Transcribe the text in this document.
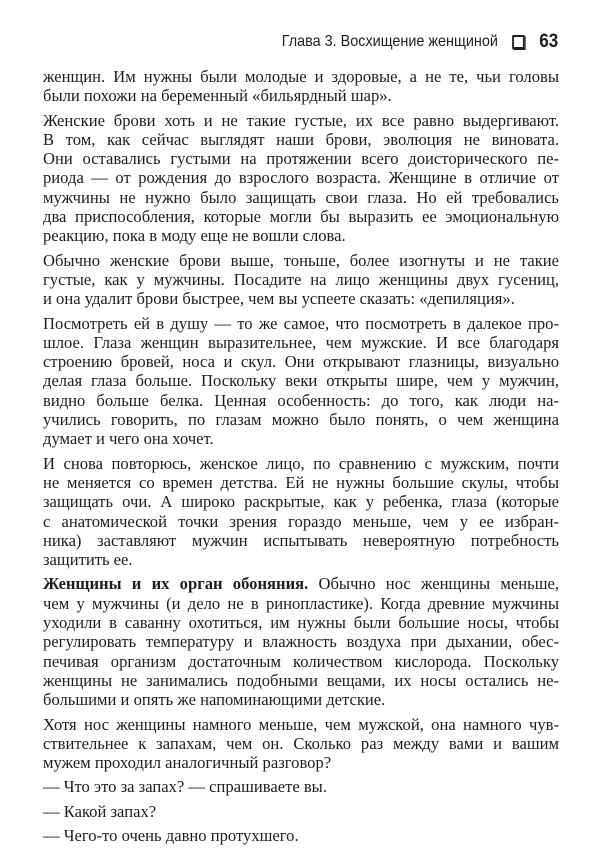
Глава 3. Восхищение женщиной 63
женщин. Им нужны были молодые и здоровые, а не те, чьи головы
были похожи на беременный «бильярдный шар».
Женские брови хоть и не такие густые, их все равно выдергивают.
В том, как сейчас выглядят наши брови, эволюция не виновата.
Они оставались густыми на протяжении всего доисторического пе-
риода — от рождения до взрослого возраста. Женщине в отличие от
мужчины не нужно было защищать свои глаза. Но ей требовались
два приспособления, которые могли бы выразить ее эмоциональную
реакцию, пока в моду еще не вошли слова.
Обычно женские брови выше, тоньше, более изогнуты и не такие
густые, как у мужчины. Посадите на лицо женщины двух гусениц,
и она удалит брови быстрее, чем вы успеете сказать: «депиляция».
Посмотреть ей в душу — то же самое, что посмотреть в далекое про-
шлое. Глаза женщин выразительнее, чем мужские. И все благодаря
строению бровей, носа и скул. Они открывают глазницы, визуально
делая глаза больше. Поскольку веки открыты шире, чем у мужчин,
видно больше белка. Ценная особенность: до того, как люди на-
учились говорить, по глазам можно было понять, о чем женщина
думает и чего она хочет.
И снова повторюсь, женское лицо, по сравнению с мужским, почти
не меняется со времен детства. Ей не нужны большие скулы, чтобы
защищать очи. А широко раскрытые, как у ребенка, глаза (которые
с анатомической точки зрения гораздо меньше, чем у ее избран-
ника) заставляют мужчин испытывать невероятную потребность
защитить ее.
Женщины и их орган обоняния. Обычно нос женщины меньше,
чем у мужчины (и дело не в ринопластике). Когда древние мужчины
уходили в саванну охотиться, им нужны были большие носы, чтобы
регулировать температуру и влажность воздуха при дыхании, обес-
печивая организм достаточным количеством кислорода. Поскольку
женщины не занимались подобными вещами, их носы остались не-
большими и опять же напоминающими детские.
Хотя нос женщины намного меньше, чем мужской, она намного чув-
ствительнее к запахам, чем он. Сколько раз между вами и вашим
мужем проходил аналогичный разговор?
— Что это за запах? — спрашиваете вы.
— Какой запах?
— Чего-то очень давно протухшего.
